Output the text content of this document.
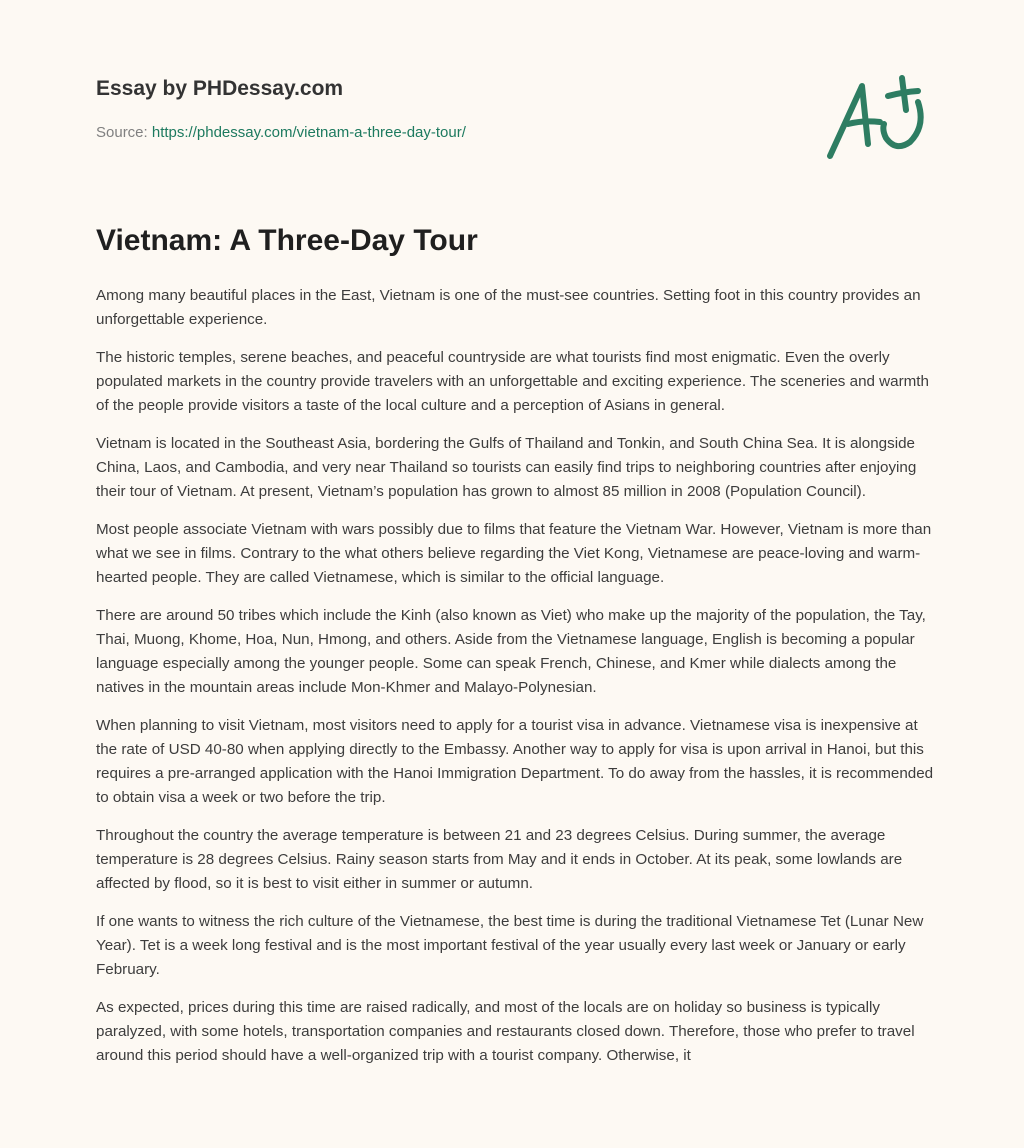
Essay by PHDessay.com
Source: https://phdessay.com/vietnam-a-three-day-tour/
Vietnam: A Three-Day Tour

Among many beautiful places in the East, Vietnam is one of the must-see countries. Setting foot in this country provides an unforgettable experience.

The historic temples, serene beaches, and peaceful countryside are what tourists find most enigmatic. Even the overly populated markets in the country provide travelers with an unforgettable and exciting experience. The sceneries and warmth of the people provide visitors a taste of the local culture and a perception of Asians in general.

Vietnam is located in the Southeast Asia, bordering the Gulfs of Thailand and Tonkin, and South China Sea. It is alongside China, Laos, and Cambodia, and very near Thailand so tourists can easily find trips to neighboring countries after enjoying their tour of Vietnam. At present, Vietnam’s population has grown to almost 85 million in 2008 (Population Council).

Most people associate Vietnam with wars possibly due to films that feature the Vietnam War. However, Vietnam is more than what we see in films. Contrary to the what others believe regarding the Viet Kong, Vietnamese are peace-loving and warm-hearted people. They are called Vietnamese, which is similar to the official language.

There are around 50 tribes which include the Kinh (also known as Viet) who make up the majority of the population, the Tay, Thai, Muong, Khome, Hoa, Nun, Hmong, and others. Aside from the Vietnamese language, English is becoming a popular language especially among the younger people. Some can speak French, Chinese, and Kmer while dialects among the natives in the mountain areas include Mon-Khmer and Malayo-Polynesian.

When planning to visit Vietnam, most visitors need to apply for a tourist visa in advance. Vietnamese visa is inexpensive at the rate of USD 40-80 when applying directly to the Embassy. Another way to apply for visa is upon arrival in Hanoi, but this requires a pre-arranged application with the Hanoi Immigration Department. To do away from the hassles, it is recommended to obtain visa a week or two before the trip.

Throughout the country the average temperature is between 21 and 23 degrees Celsius. During summer, the average temperature is 28 degrees Celsius. Rainy season starts from May and it ends in October. At its peak, some lowlands are affected by flood, so it is best to visit either in summer or autumn.

If one wants to witness the rich culture of the Vietnamese, the best time is during the traditional Vietnamese Tet (Lunar New Year). Tet is a week long festival and is the most important festival of the year usually every last week or January or early February.

As expected, prices during this time are raised radically, and most of the locals are on holiday so business is typically paralyzed, with some hotels, transportation companies and restaurants closed down. Therefore, those who prefer to travel around this period should have a well-organized trip with a tourist company. Otherwise, it
